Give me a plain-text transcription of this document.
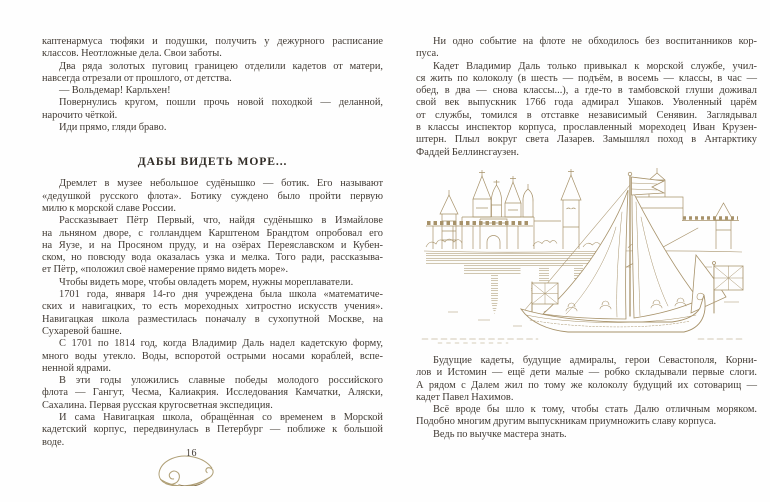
каптенармуса тюфяки и подушки, получить у дежурного расписание
классов. Неотложные дела. Свои заботы.
Два ряда золотых пуговиц границею отделили кадетов от матери,
навсегда отрезали от прошлого, от детства.
— Вольдемар! Карльхен!
Повернулись кругом, пошли прочь новой походкой — деланной,
нарочито чёткой.
Иди прямо, гляди браво.
ДАБЫ ВИДЕТЬ МОРЕ...
Дремлет в музее небольшое судёнышко — ботик. Его называют
«дедушкой русского флота». Ботику суждено было пройти первую
милю к морской славе России.
Рассказывает Пётр Первый, что, найдя судёнышко в Измайлове
на льняном дворе, с голландцем Карштеном Брандтом опробовал его
на Яузе, и на Просяном пруду, и на озёрах Переяславском и Кубен-
ском, но повсюду вода оказалась узка и мелка. Того ради, рассказыва-
ет Пётр, «положил своё намерение прямо видеть море».
Чтобы видеть море, чтобы овладеть морем, нужны мореплаватели.
1701 года, января 14-го дня учреждена была школа «математиче-
ских и навигацких, то есть мореходных хитростно искусств учения».
Навигацкая школа разместилась поначалу в сухопутной Москве, на
Сухаревой башне.
С 1701 по 1814 год, когда Владимир Даль надел кадетскую форму,
много воды утекло. Воды, вспоротой острыми носами кораблей, вспе-
ненной ядрами.
В эти годы уложились славные победы молодого российского
флота — Гангут, Чесма, Калиакрия. Исследования Камчатки, Аляски,
Сахалина. Первая русская кругосветная экспедиция.
И сама Навигацкая школа, обращённая со временем в Морской
кадетский корпус, передвинулась в Петербург — поближе к большой
воде.
16
Ни одно событие на флоте не обходилось без воспитанников кор-
пуса.
Кадет Владимир Даль только привыкал к морской службе, учил-
ся жить по колоколу (в шесть — подъём, в восемь — классы, в час —
обед, в два — снова классы...), а где-то в тамбовской глуши доживал
свой век выпускник 1766 года адмирал Ушаков. Уволенный царём
от службы, томился в отставке независимый Сенявин. Заглядывал
в классы инспектор корпуса, прославленный мореходец Иван Крузен-
штерн. Плыл вокруг света Лазарев. Замышлял поход в Антарктику
Фаддей Беллинсгаузен.
Будущие кадеты, будущие адмиралы, герои Севастополя, Корни-
лов и Истомин — ещё дети малые — робко складывали первые слоги.
А рядом с Далем жил по тому же колоколу будущий их сотоварищ —
кадет Павел Нахимов.
Всё вроде бы шло к тому, чтобы стать Далю отличным моряком.
Подобно многим другим выпускникам приумножить славу корпуса.
Ведь по выучке мастера знать.
